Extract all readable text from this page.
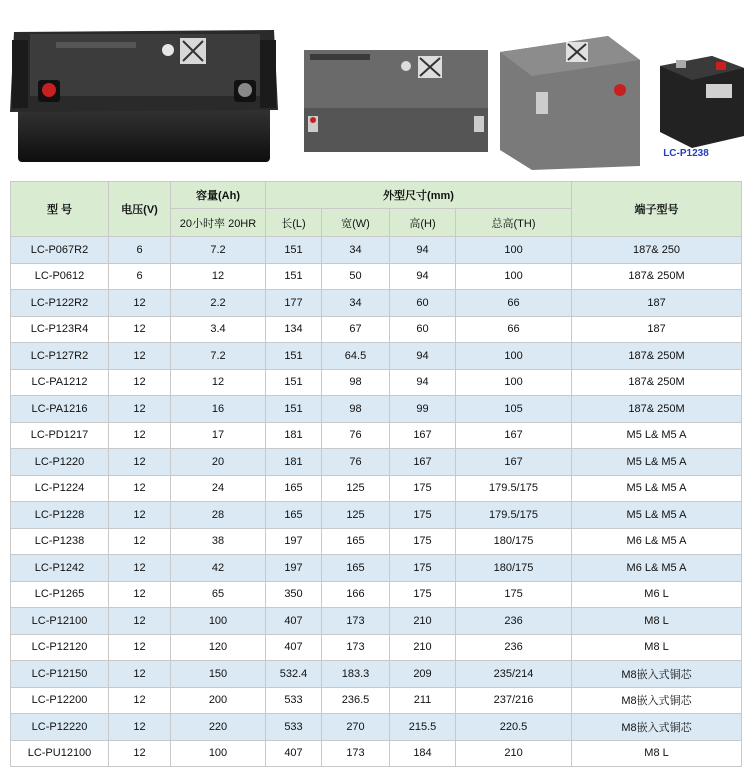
LC-P1238
型 号	电压(V)	容量(Ah)	外型尺寸(mm)				端子型号
		20小时率 20HR	长(L)	宽(W)	高(H)	总高(TH)	
LC-P067R2	6	7.2	151	34	94	100	187& 250
LC-P0612	6	12	151	50	94	100	187& 250M
LC-P122R2	12	2.2	177	34	60	66	187
LC-P123R4	12	3.4	134	67	60	66	187
LC-P127R2	12	7.2	151	64.5	94	100	187& 250M
LC-PA1212	12	12	151	98	94	100	187& 250M
LC-PA1216	12	16	151	98	99	105	187& 250M
LC-PD1217	12	17	181	76	167	167	M5 L& M5 A
LC-P1220	12	20	181	76	167	167	M5 L& M5 A
LC-P1224	12	24	165	125	175	179.5/175	M5 L& M5 A
LC-P1228	12	28	165	125	175	179.5/175	M5 L& M5 A
LC-P1238	12	38	197	165	175	180/175	M6 L& M5 A
LC-P1242	12	42	197	165	175	180/175	M6 L& M5 A
LC-P1265	12	65	350	166	175	175	M6 L
LC-P12100	12	100	407	173	210	236	M8 L
LC-P12120	12	120	407	173	210	236	M8 L
LC-P12150	12	150	532.4	183.3	209	235/214	M8嵌入式铜芯
LC-P12200	12	200	533	236.5	211	237/216	M8嵌入式铜芯
LC-P12220	12	220	533	270	215.5	220.5	M8嵌入式铜芯
LC-PU12100	12	100	407	173	184	210	M8 L
